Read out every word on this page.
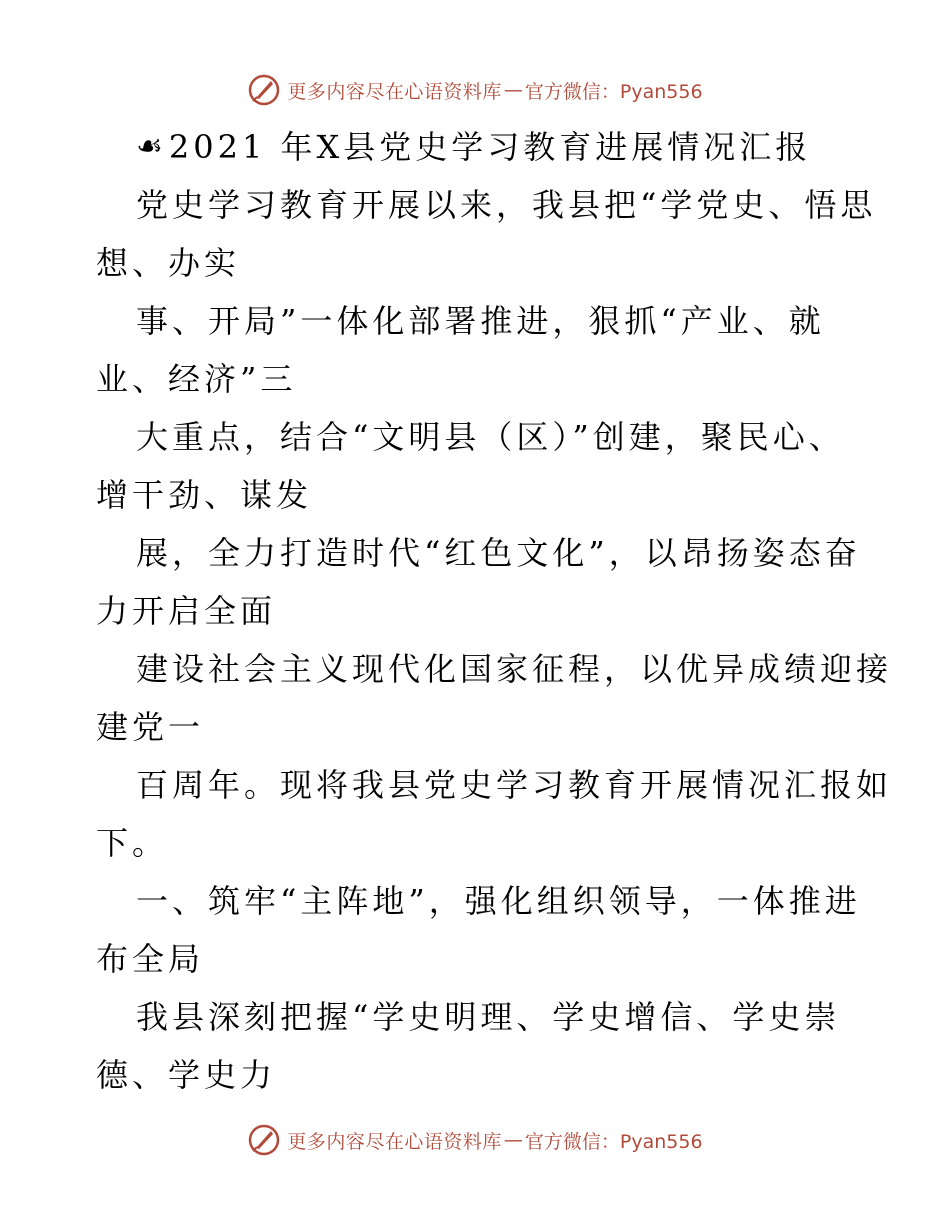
更多内容尽在心语资料库 — 官方微信：Pyan556
☙ 2021 年X县党史学习教育进展情况汇报
党史学习教育开展以来，我县把“学党史、悟思
想、办实
事、开局”一体化部署推进，狠抓“产业、就
业、经济”三
大重点，结合“文明县（区）”创建，聚民心、
增干劲、谋发
展，全力打造时代“红色文化”，以昂扬姿态奋
力开启全面
建设社会主义现代化国家征程，以优异成绩迎接
建党一
百周年。现将我县党史学习教育开展情况汇报如
下。
一、筑牢“主阵地”，强化组织领导，一体推进
布全局
我县深刻把握“学史明理、学史增信、学史崇
德、学史力
更多内容尽在心语资料库 — 官方微信：Pyan556
